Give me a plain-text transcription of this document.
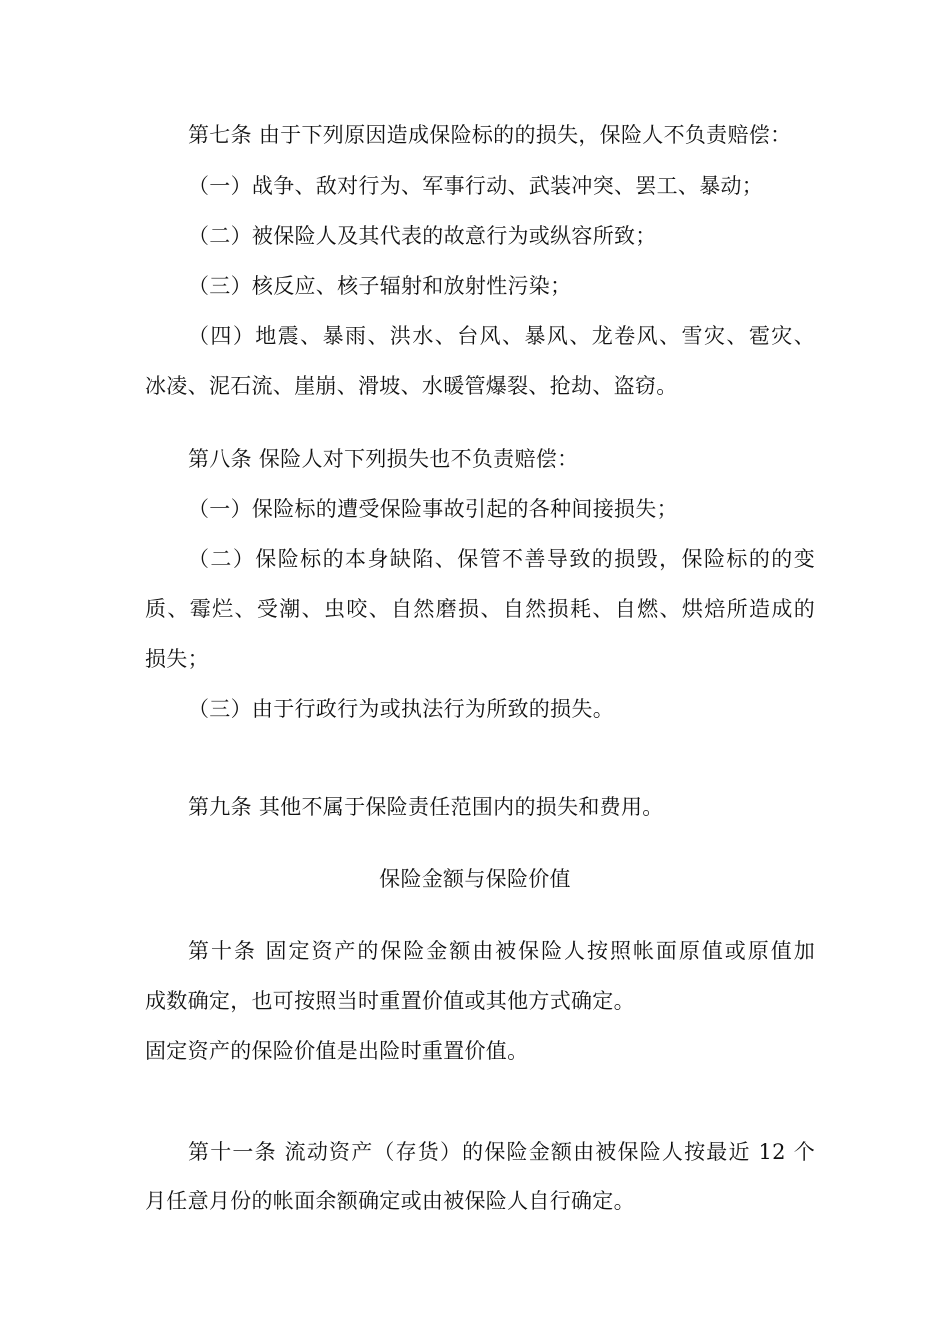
第七条 由于下列原因造成保险标的的损失，保险人不负责赔偿：
（一）战争、敌对行为、军事行动、武装冲突、罢工、暴动；
（二）被保险人及其代表的故意行为或纵容所致；
（三）核反应、核子辐射和放射性污染；
（四）地震、暴雨、洪水、台风、暴风、龙卷风、雪灾、雹灾、
冰凌、泥石流、崖崩、滑坡、水暖管爆裂、抢劫、盗窃。
第八条 保险人对下列损失也不负责赔偿：
（一）保险标的遭受保险事故引起的各种间接损失；
（二）保险标的本身缺陷、保管不善导致的损毁，保险标的的变
质、霉烂、受潮、虫咬、自然磨损、自然损耗、自燃、烘焙所造成的
损失；
（三）由于行政行为或执法行为所致的损失。
第九条 其他不属于保险责任范围内的损失和费用。
保险金额与保险价值
第十条 固定资产的保险金额由被保险人按照帐面原值或原值加
成数确定，也可按照当时重置价值或其他方式确定。
固定资产的保险价值是出险时重置价值。
第十一条 流动资产（存货）的保险金额由被保险人按最近 12 个
月任意月份的帐面余额确定或由被保险人自行确定。
